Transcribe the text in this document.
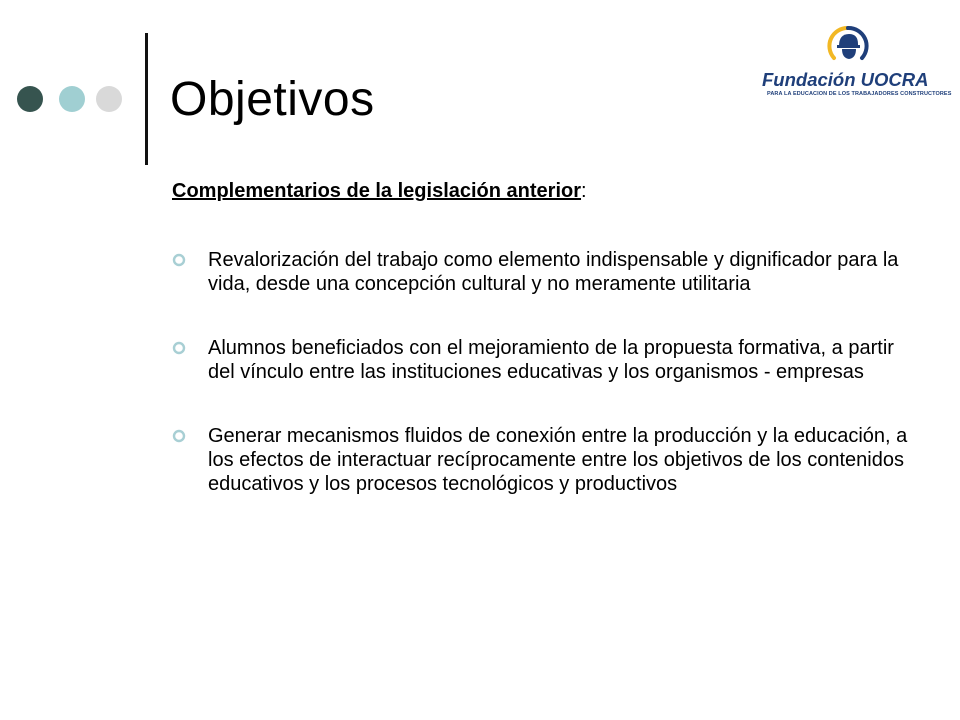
Objetivos	Fundación UOCRA
PARA LA EDUCACION DE LOS TRABAJADORES CONSTRUCTORES

Complementarios de la legislación anterior:

Revalorización del trabajo como elemento indispensable y dignificador para la vida, desde una concepción cultural y no meramente utilitaria
Alumnos beneficiados con el mejoramiento de la propuesta formativa, a partir del vínculo entre las instituciones educativas y los organismos - empresas
Generar mecanismos fluidos de conexión entre la producción y la educación, a los efectos de interactuar recíprocamente entre los objetivos de los contenidos educativos y los procesos tecnológicos y productivos
